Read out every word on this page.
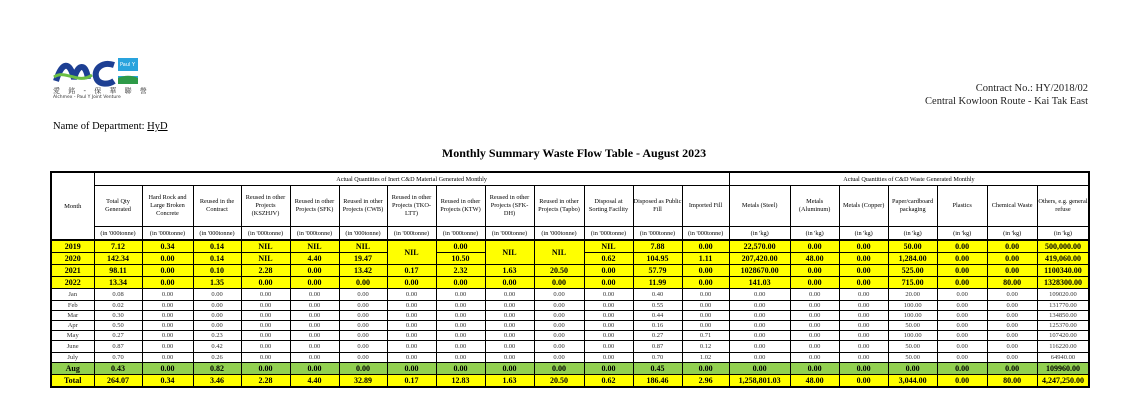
Paul Y
愛 銘 - 保 華 聯 營
Alchmex - Paul Y Joint Venture
Contract No.: HY/2018/02
Central Kowloon Route - Kai Tak East
Name of Department: HyD
Monthly Summary Waste Flow Table - August 2023
Month	Actual Quantities of Inert C&D Material Generated Monthly													Actual Quantities of C&D Waste Generated Monthly						
	Total Qty Generated	Hard Rock and Large Broken Concrete	Reused in the Contract	Reused in other Projects (KSZHJV)	Reused in other Projects (SFK)	Reused in other Projects (CWB)	Reused in other Projects (TKO-LTT)	Reused in other Projects (KTW)	Reused in other Projects (SFK-DH)	Reused in other Projects (Tapbo)	Disposal at Sorting Facility	Disposed as Public Fill	Imported Fill	Metals (Steel)	Metals (Aluminum)	Metals (Copper)	Paper/cardboard packaging	Plastics	Chemical Waste	Others, e.g. general refuse
	(in '000tonne)	(in '000tonne)	(in '000tonne)	(in '000tonne)	(in '000tonne)	(in '000tonne)	(in '000tonne)	(in '000tonne)	(in '000tonne)	(in '000tonne)	(in '000tonne)	(in '000tonne)	(in '000tonne)	(in 'kg)	(in 'kg)	(in 'kg)	(in 'kg)	(in 'kg)	(in 'kg)	(in 'kg)
2019	7.12	0.34	0.14	NIL	NIL	NIL	NIL	0.00	NIL	NIL	NIL	7.88	0.00	22,570.00	0.00	0.00	50.00	0.00	0.00	500,000.00
2020	142.34	0.00	0.14	NIL	4.40	19.47		10.50			0.62	104.95	1.11	207,420.00	48.00	0.00	1,284.00	0.00	0.00	419,060.00
2021	98.11	0.00	0.10	2.28	0.00	13.42	0.17	2.32	1.63	20.50	0.00	57.79	0.00	1028670.00	0.00	0.00	525.00	0.00	0.00	1100340.00
2022	13.34	0.00	1.35	0.00	0.00	0.00	0.00	0.00	0.00	0.00	0.00	11.99	0.00	141.03	0.00	0.00	715.00	0.00	80.00	1328300.00
Jan	0.08	0.00	0.00	0.00	0.00	0.00	0.00	0.00	0.00	0.00	0.00	0.40	0.00	0.00	0.00	0.00	20.00	0.00	0.00	109020.00
Feb	0.02	0.00	0.00	0.00	0.00	0.00	0.00	0.00	0.00	0.00	0.00	0.55	0.00	0.00	0.00	0.00	100.00	0.00	0.00	131770.00
Mar	0.30	0.00	0.00	0.00	0.00	0.00	0.00	0.00	0.00	0.00	0.00	0.44	0.00	0.00	0.00	0.00	100.00	0.00	0.00	134850.00
Apr	0.50	0.00	0.00	0.00	0.00	0.00	0.00	0.00	0.00	0.00	0.00	0.16	0.00	0.00	0.00	0.00	50.00	0.00	0.00	125370.00
May	0.27	0.00	0.23	0.00	0.00	0.00	0.00	0.00	0.00	0.00	0.00	0.27	0.71	0.00	0.00	0.00	100.00	0.00	0.00	107420.00
June	0.87	0.00	0.42	0.00	0.00	0.00	0.00	0.00	0.00	0.00	0.00	0.87	0.12	0.00	0.00	0.00	50.00	0.00	0.00	116220.00
July	0.70	0.00	0.26	0.00	0.00	0.00	0.00	0.00	0.00	0.00	0.00	0.70	1.02	0.00	0.00	0.00	50.00	0.00	0.00	64940.00
Aug	0.43	0.00	0.82	0.00	0.00	0.00	0.00	0.00	0.00	0.00	0.00	0.45	0.00	0.00	0.00	0.00	0.00	0.00	0.00	109960.00
Total	264.07	0.34	3.46	2.28	4.40	32.89	0.17	12.83	1.63	20.50	0.62	186.46	2.96	1,258,801.03	48.00	0.00	3,044.00	0.00	80.00	4,247,250.00
